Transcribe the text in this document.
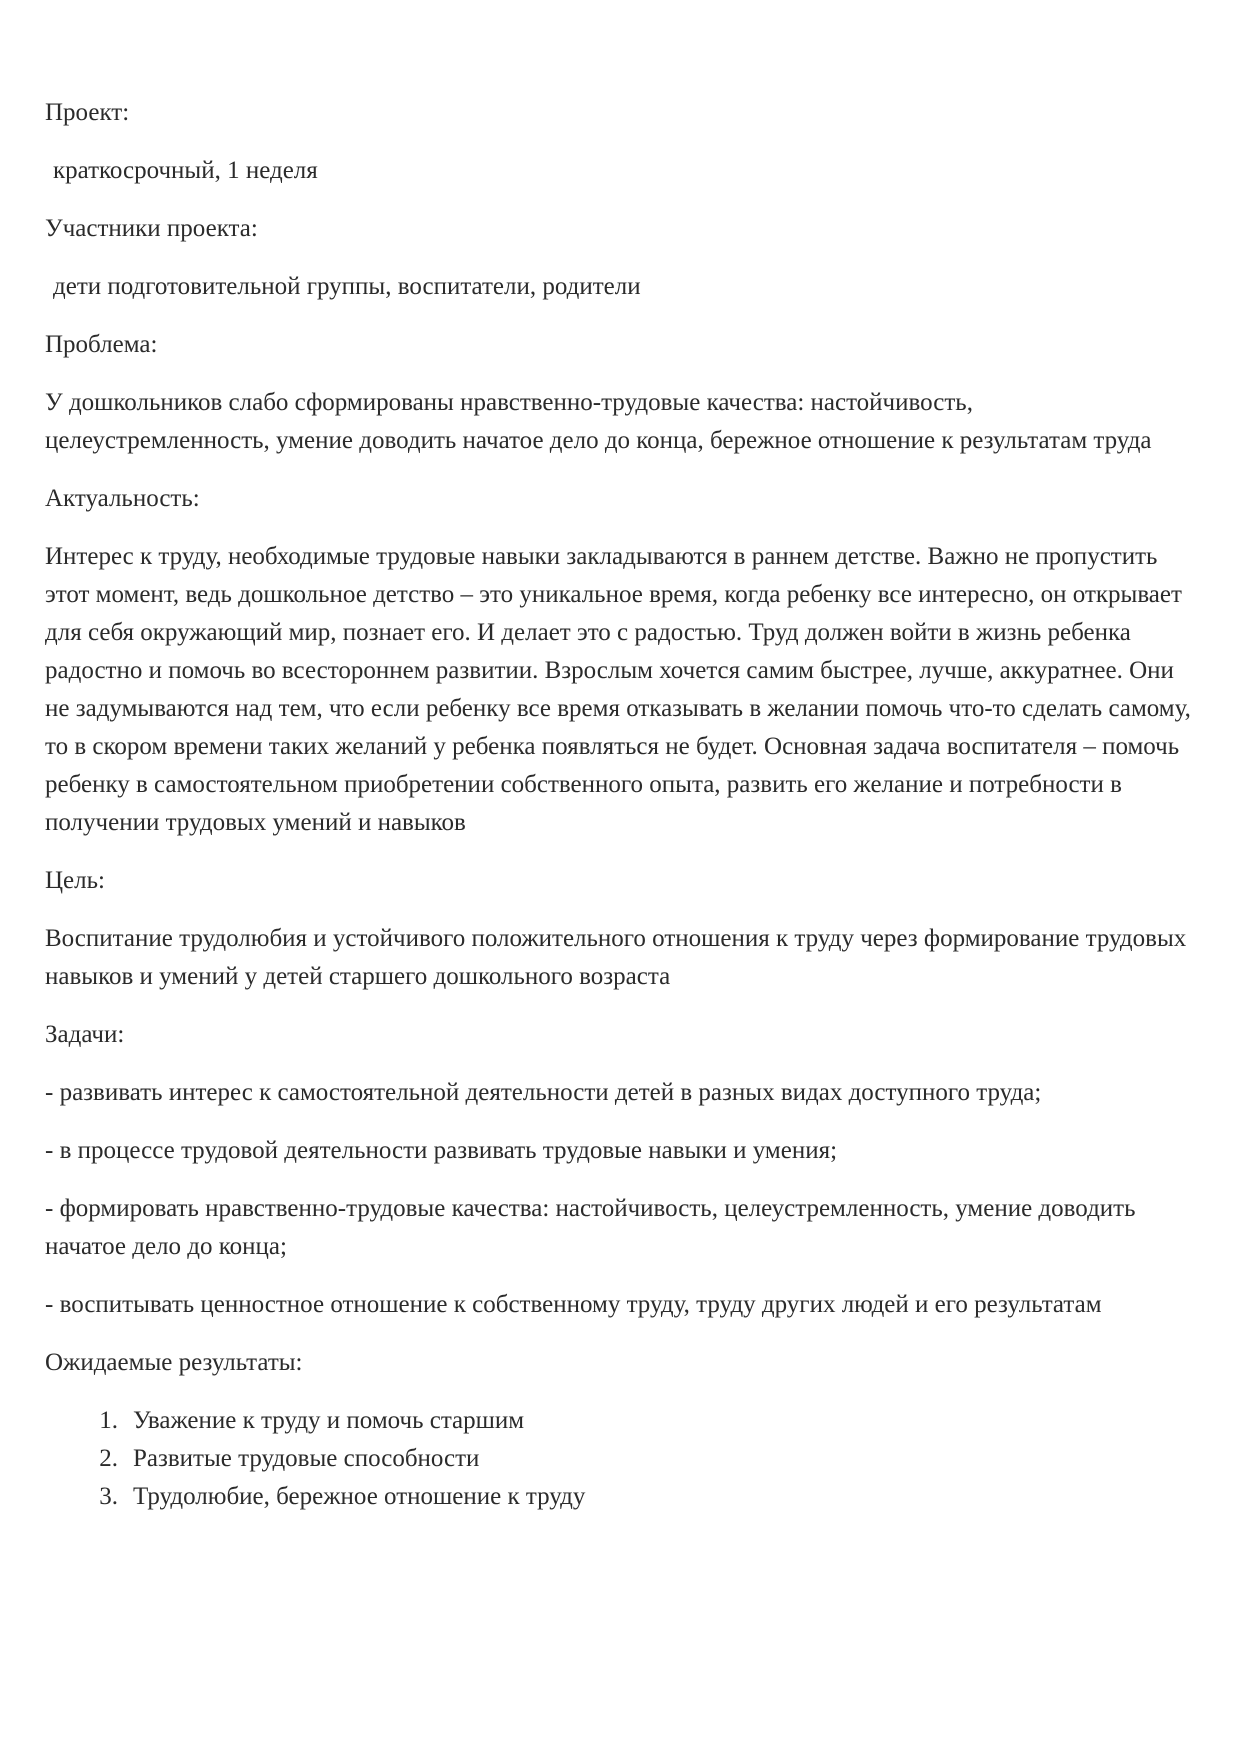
Проект:

краткосрочный, 1 неделя

Участники проекта:

дети подготовительной группы, воспитатели, родители

Проблема:

У дошкольников слабо сформированы нравственно-трудовые качества: настойчивость, целеустремленность, умение доводить начатое дело до конца, бережное отношение к результатам труда

Актуальность:

Интерес к труду, необходимые трудовые навыки закладываются в раннем детстве. Важно не пропустить этот момент, ведь дошкольное детство – это уникальное время, когда ребенку все интересно, он открывает для себя окружающий мир, познает его. И делает это с радостью. Труд должен войти в жизнь ребенка радостно и помочь во всестороннем развитии. Взрослым хочется самим быстрее, лучше, аккуратнее. Они не задумываются над тем, что если ребенку все время отказывать в желании помочь что-то сделать самому, то в скором времени таких желаний у ребенка появляться не будет. Основная задача воспитателя – помочь ребенку в самостоятельном приобретении собственного опыта, развить его желание и потребности в получении трудовых умений и навыков

Цель:

Воспитание трудолюбия и устойчивого положительного отношения к труду через формирование трудовых навыков и умений у детей старшего дошкольного возраста

Задачи:

- развивать интерес к самостоятельной деятельности детей в разных видах доступного труда;

- в процессе трудовой деятельности развивать трудовые навыки и умения;

- формировать нравственно-трудовые качества: настойчивость, целеустремленность, умение доводить начатое дело до конца;

- воспитывать ценностное отношение к собственному труду, труду других людей и его результатам

Ожидаемые результаты:

1. Уважение к труду и помочь старшим
2. Развитые трудовые способности
3. Трудолюбие, бережное отношение к труду
